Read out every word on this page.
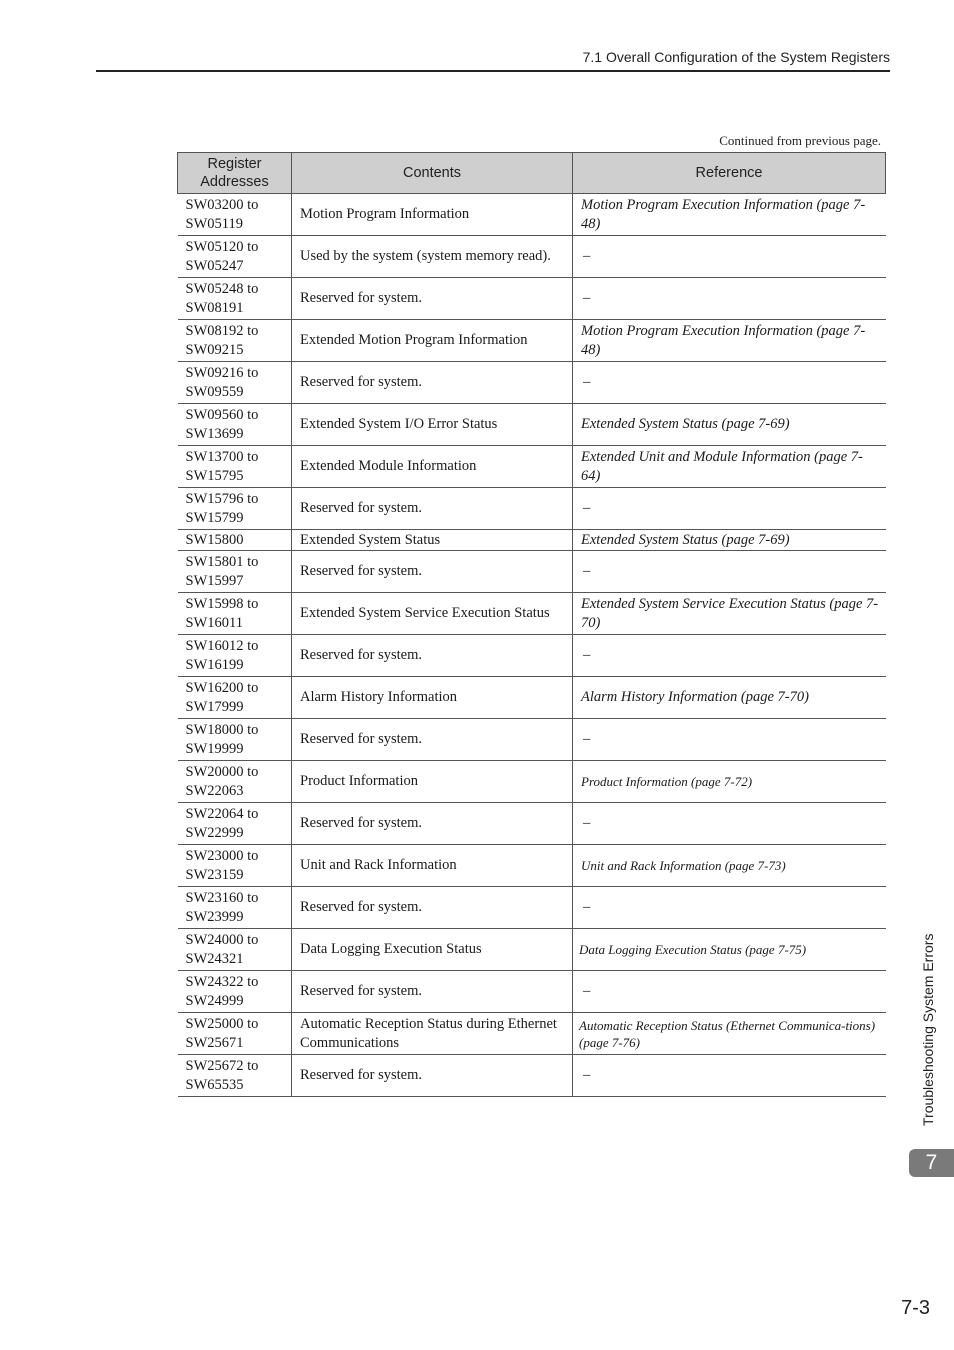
7.1 Overall Configuration of the System Registers
Continued from previous page.
Register
Addresses	Contents	Reference
SW03200 to
SW05119	Motion Program Information	Motion Program Execution Information (page 7-48)
SW05120 to
SW05247	Used by the system (system memory read).	–
SW05248 to
SW08191	Reserved for system.	–
SW08192 to
SW09215	Extended Motion Program Information	Motion Program Execution Information (page 7-48)
SW09216 to
SW09559	Reserved for system.	–
SW09560 to
SW13699	Extended System I/O Error Status	Extended System Status (page 7-69)
SW13700 to
SW15795	Extended Module Information	Extended Unit and Module Information (page 7-64)
SW15796 to
SW15799	Reserved for system.	–
SW15800	Extended System Status	Extended System Status (page 7-69)
SW15801 to
SW15997	Reserved for system.	–
SW15998 to
SW16011	Extended System Service Execution Status	Extended System Service Execution Status (page 7-70)
SW16012 to
SW16199	Reserved for system.	–
SW16200 to
SW17999	Alarm History Information	Alarm History Information (page 7-70)
SW18000 to
SW19999	Reserved for system.	–
SW20000 to
SW22063	Product Information	Product Information (page 7-72)
SW22064 to
SW22999	Reserved for system.	–
SW23000 to
SW23159	Unit and Rack Information	Unit and Rack Information (page 7-73)
SW23160 to
SW23999	Reserved for system.	–
SW24000 to
SW24321	Data Logging Execution Status	Data Logging Execution Status (page 7-75)
SW24322 to
SW24999	Reserved for system.	–
SW25000 to
SW25671	Automatic Reception Status during Ethernet Communications	Automatic Reception Status (Ethernet Communica-tions) (page 7-76)
SW25672 to
SW65535	Reserved for system.	–	Troubleshooting System Errors
7
7-3
